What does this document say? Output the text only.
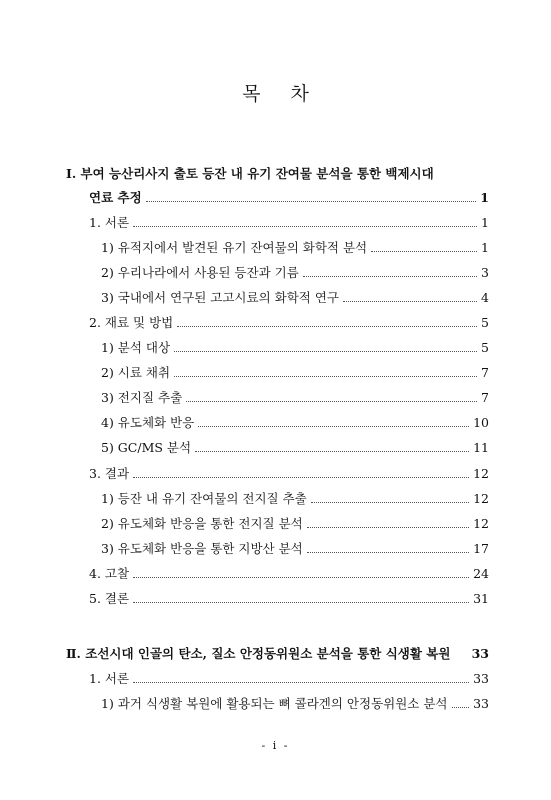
목 차
Ⅰ. 부여 능산리사지 출토 등잔 내 유기 잔여물 분석을 통한 백제시대
연료 추정	1
1. 서론	1
1) 유적지에서 발견된 유기 잔여물의 화학적 분석	1
2) 우리나라에서 사용된 등잔과 기름	3
3) 국내에서 연구된 고고시료의 화학적 연구	4
2. 재료 및 방법	5
1) 분석 대상	5
2) 시료 채취	7
3) 전지질 추출	7
4) 유도체화 반응	10
5) GC/MS 분석	11
3. 결과	12
1) 등잔 내 유기 잔여물의 전지질 추출	12
2) 유도체화 반응을 통한 전지질 분석	12
3) 유도체화 반응을 통한 지방산 분석	17
4. 고찰	24
5. 결론	31
Ⅱ. 조선시대 인골의 탄소, 질소 안정동위원소 분석을 통한 식생활 복원 33
1. 서론	33
1) 과거 식생활 복원에 활용되는 뼈 콜라겐의 안정동위원소 분석 33
- i -
